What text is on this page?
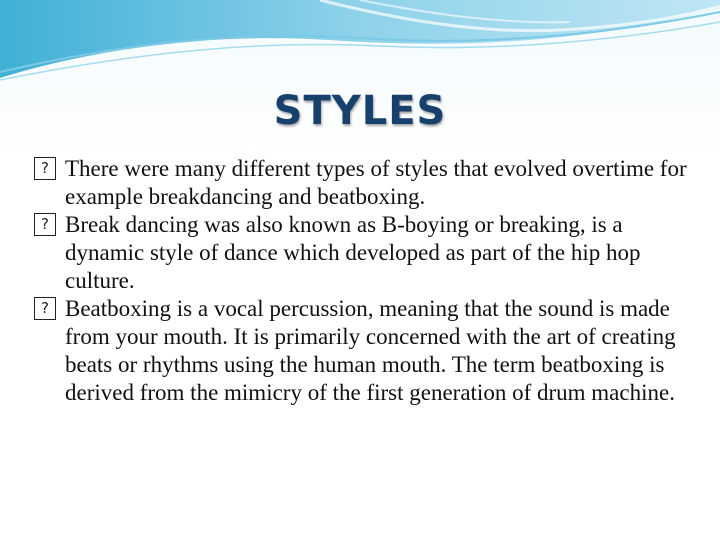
STYLES

? There were many different types of styles that evolved overtime for example breakdancing and beatboxing.

? Break dancing was also known as B-boying or breaking, is a dynamic style of dance which developed as part of the hip hop culture.

? Beatboxing is a vocal percussion, meaning that the sound is made from your mouth. It is primarily concerned with the art of creating beats or rhythms using the human mouth. The term beatboxing is derived from the mimicry of the first generation of drum machine.
